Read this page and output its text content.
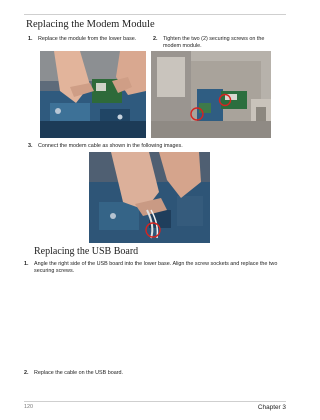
Replacing the Modem Module
1. Replace the module from the lower base.	2. Tighten the two (2) securing screws on the modem module.
3. Connect the modem cable as shown in the following images.
Replacing the USB Board
1. Angle the right side of the USB board into the lower base. Align the screw sockets and replace the two securing screws.
2. Replace the cable on the USB board.
120	Chapter 3
